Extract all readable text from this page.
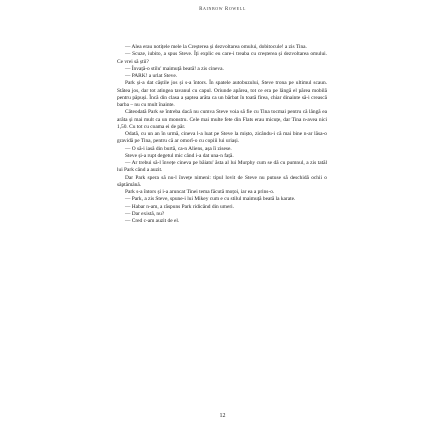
Rainbow Rowell

— Alea erau notițele mele la Creșterea și dezvoltarea omului, dobitocule! a zis Tina.

— Scuze, iubito, a spus Steve. Îți explic eu care-i treaba cu creșterea și dezvoltarea omului. Ce vrei să știi?

— Învață-o stilu' maimuță beată! a zis cineva.

— PARK! a urlat Steve.

Park și-a dat căștile jos și s-a întors. În spatele autobuzului, Steve trona pe ultimul scaun. Stătea jos, dar tot atingea tavanul cu capul. Oriunde apărea, tot ce era pe lângă el părea mobilă pentru păpuși. Încă din clasa a șaptea arăta ca un bărbat în toată firea, chiar dinainte să-i crească barba – nu cu mult înainte.

Câteodată Park se întreba dacă nu cumva Steve voia să fie cu Tina tocmai pentru că lângă ea arăta și mai mult ca un monstru. Cele mai multe fete din Flats erau micuțe, dar Tina n-avea nici 1,50. Cu tot cu coama ei de păr.

Odată, cu un an în urmă, cineva l-a luat pe Steve la mișto, zicându-i că mai bine n-ar lăsa-o gravidă pe Tina, pentru că ar omorî-o cu copiii lui uriași.

— O să-i iasă din burtă, ca-n Aliens, așa îi zisese.

Steve și-a rupt degetul mic când i-a dat una-n față.

— Ar trebui să-l învețe cineva pe băiatu' ăsta al lui Murphy cum se dă cu pumnul, a zis tatăl lui Park când a auzit.

Dar Park spera să nu-l învețe nimeni: tipul lovit de Steve nu putuse să deschidă ochii o săptămână.

Park s-a întors și i-a aruncat Tinei tema făcută moțoi, iar ea a prins-o.

— Park, a zis Steve, spune-i lui Mikey cum e cu stilul maimuță beată la karate.

— Habar n-am, a răspuns Park ridicând din umeri.

— Dar există, nu?

— Cred c-am auzit de el.

12
